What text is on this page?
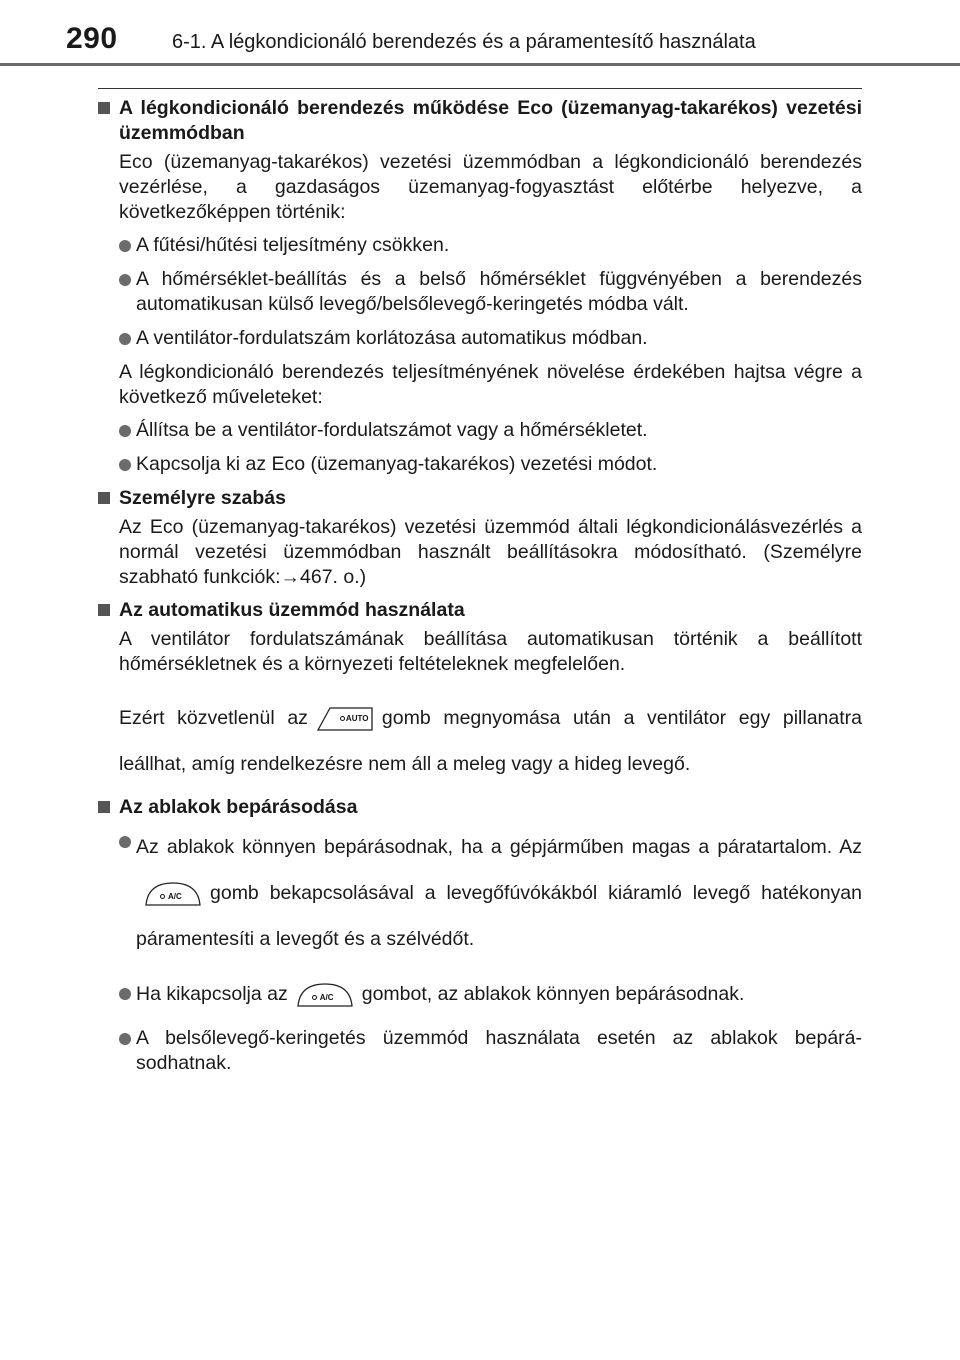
290	6-1. A légkondicionáló berendezés és a páramentesítő használata
A légkondicionáló berendezés működése Eco (üzemanyag-takarékos) vezetési üzemmódban
Eco (üzemanyag-takarékos) vezetési üzemmódban a légkondicionáló berendezés vezérlése, a gazdaságos üzemanyag-fogyasztást előtérbe helyezve, a következőképpen történik:
A fűtési/hűtési teljesítmény csökken.
A hőmérséklet-beállítás és a belső hőmérséklet függvényében a berendezés automatikusan külső levegő/belsőlevegő-keringetés módba vált.
A ventilátor-fordulatszám korlátozása automatikus módban.
A légkondicionáló berendezés teljesítményének növelése érdekében hajtsa végre a következő műveleteket:
Állítsa be a ventilátor-fordulatszámot vagy a hőmérsékletet.
Kapcsolja ki az Eco (üzemanyag-takarékos) vezetési módot.
Személyre szabás
Az Eco (üzemanyag-takarékos) vezetési üzemmód általi légkondicionálásvezérlés a normál vezetési üzemmódban használt beállításokra módosítható. (Személyre szabható funkciók:→467. o.)
Az automatikus üzemmód használata
A ventilátor fordulatszámának beállítása automatikusan történik a beállított hőmérsékletnek és a környezeti feltételeknek megfelelően.
Ezért közvetlenül az	AUTO gomb megnyomása után a ventilátor egy pillanatra leállhat, amíg rendelkezésre nem áll a meleg vagy a hideg levegő.
Az ablakok bepárásodása
Az ablakok könnyen bepárásodnak, ha a gépjárműben magas a páratartalom. Az
A/C gomb bekapcsolásával a levegőfúvókákból kiáramló levegő hatékonyan páramentesíti a levegőt és a szélvédőt.
Ha kikapcsolja az	A/C gombot, az ablakok könnyen bepárásodnak.
A belsőlevegő-keringetés üzemmód használata esetén az ablakok bepárásodhatnak.
